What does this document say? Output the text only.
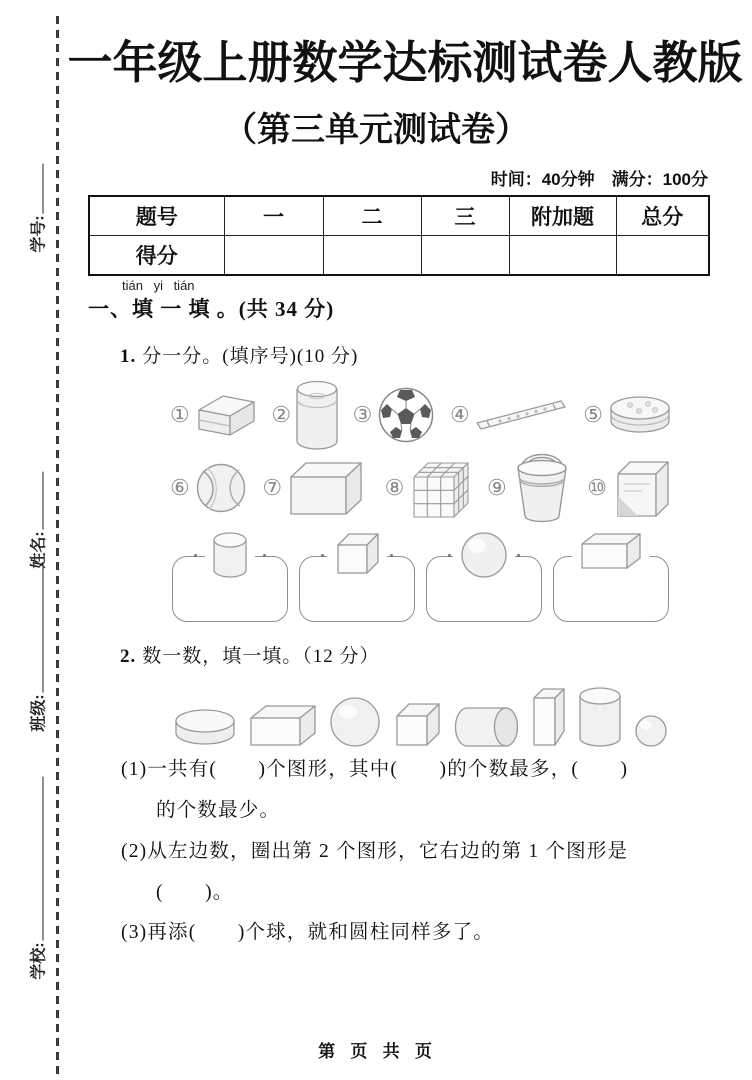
学号:
姓名:
班级:
学校:
一年级上册数学达标测试卷人教版
（第三单元测试卷）
时间：40分钟　满分：100分
题号	一	二	三	附加题	总分
得分					
tián yi tián
一、填 一 填 。(共 34 分)
1. 分一分。(填序号)(10 分)
①	②	③	④	⑤
⑥	⑦	⑧	⑨	⑩
2. 数一数，填一填。（12 分）
(1)一共有(　　)个图形，其中(　　)的个数最多，(　　)
的个数最少。
(2)从左边数，圈出第 2 个图形，它右边的第 1 个图形是
(　　)。
(3)再添(　　)个球，就和圆柱同样多了。
第 页 共 页
